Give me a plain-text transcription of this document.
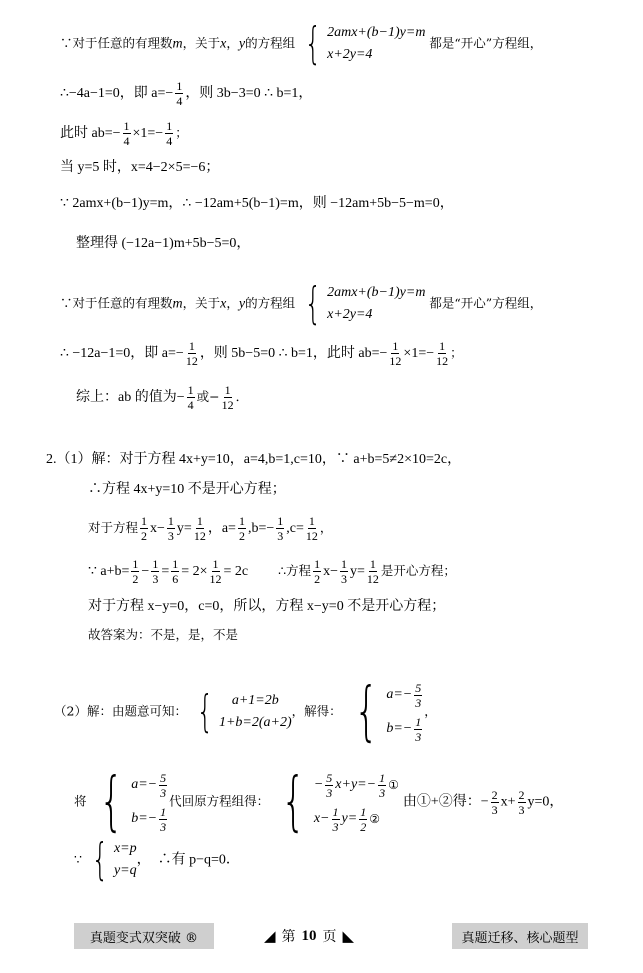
∵对于任意的有理数m，关于x，y的方程组 { 2amx+(b−1)y=m
x+2y=4
都是“开心”方程组，
∴−4a−1=0，即 $a=- \frac{1}{4}$ ，则 3b−3=0 ∴ b=1，
此时 $ab=- \frac{1}{4} \times 1=- \frac{1}{4}$ ；
当 y=5 时，x=4−2×5=−6；
∵ 2amx+(b−1)y=m，∴ −12am+5(b−1)=m，则 −12am+5b−5−m=0，
整理得 (−12a−1)m+5b−5=0，
∵对于任意的有理数m，关于x，y的方程组 { 2amx+(b−1)y=m
x+2y=4
都是“开心”方程组，
∴ −12a−1=0，即 $a=- \frac{1}{12}$ ，则 5b−5=0 ∴ b=1，此时 $ab=- \frac{1}{12} \times 1=- \frac{1}{12}$ ；
综上：ab 的值为− $\frac{1}{4}$ 或− $\frac{1}{12}$ ．
2.（1）解：对于方程 4x+y=10，a=4,b=1,c=10，∵ a+b=5≠2×10=2c，
∴方程 4x+y=10 不是开心方程；
对于方程 $\frac{1}{2} x- \frac{1}{3} y= \frac{1}{12}$ ，$a= \frac{1}{2} ,b=- \frac{1}{3} ,c= \frac{1}{12}$ ，
∵ $a+b= \frac{1}{2} - \frac{1}{3} = \frac{1}{6} = 2\times \frac{1}{12} = 2c$ ∴方程 $\frac{1}{2} x- \frac{1}{3} y= \frac{1}{12}$ 是开心方程；
对于方程 x−y=0，c=0，所以，方程 x−y=0 不是开心方程；
故答案为：不是，是，不是
（2）解：由题意可知： {	a+1=2b
1+b=2(a+2)
，解得： { $a=- \frac{5}{3}$
$b=- \frac{1}{3}$
，
将 { $a=- \frac{5}{3}$
$b=- \frac{1}{3}$
代回原方程组得： { − $\frac{5}{3} x+y=- \frac{1}{3}$ ①
$x- \frac{1}{3} y= \frac{1}{2}$ ②
由①+②得：− $\frac{2}{3} x+ \frac{2}{3} y=0$，
∵ { x=p
y=q
，　∴有 p−q=0．
真题变式双突破 ®	◢ 第 10 页 ◣	真题迁移、核心题型
